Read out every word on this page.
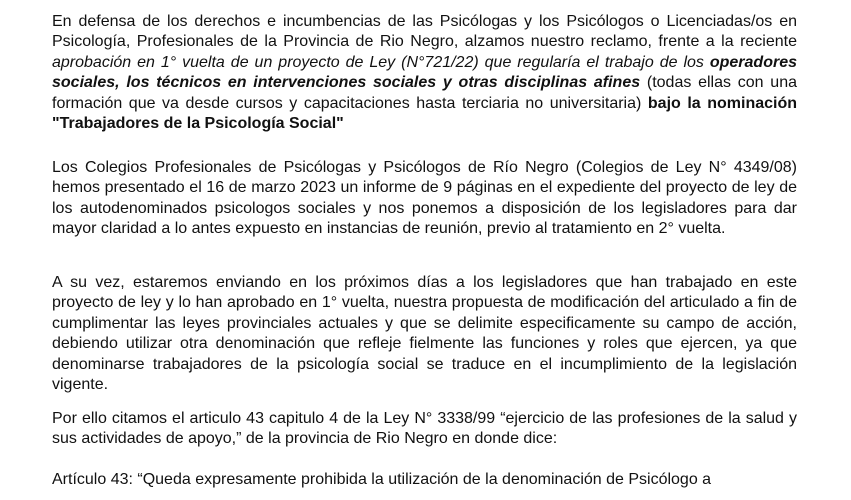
En defensa de los derechos e incumbencias de las Psicólogas y los Psicólogos o Licenciadas/os en Psicología, Profesionales de la Provincia de Rio Negro, alzamos nuestro reclamo, frente a la reciente aprobación en 1° vuelta de un proyecto de Ley (N°721/22) que regularía el trabajo de los operadores sociales, los técnicos en intervenciones sociales y otras disciplinas afines (todas ellas con una formación que va desde cursos y capacitaciones hasta terciaria no universitaria) bajo la nominación "Trabajadores de la Psicología Social"

Los Colegios Profesionales de Psicólogas y Psicólogos de Río Negro (Colegios de Ley N° 4349/08) hemos presentado el 16 de marzo 2023 un informe de 9 páginas en el expediente del proyecto de ley de los autodenominados psicologos sociales y nos ponemos a disposición de los legisladores para dar mayor claridad a lo antes expuesto en instancias de reunión, previo al tratamiento en 2° vuelta.

A su vez, estaremos enviando en los próximos días a los legisladores que han trabajado en este proyecto de ley y lo han aprobado en 1° vuelta, nuestra propuesta de modificación del articulado a fin de cumplimentar las leyes provinciales actuales y que se delimite especificamente su campo de acción, debiendo utilizar otra denominación que refleje fielmente las funciones y roles que ejercen, ya que denominarse trabajadores de la psicología social se traduce en el incumplimiento de la legislación vigente.

Por ello citamos el articulo 43 capitulo 4 de la Ley N° 3338/99 “ejercicio de las profesiones de la salud y sus actividades de apoyo,” de la provincia de Rio Negro en donde dice:

Artículo 43: “Queda expresamente prohibida la utilización de la denominación de Psicólogo a
